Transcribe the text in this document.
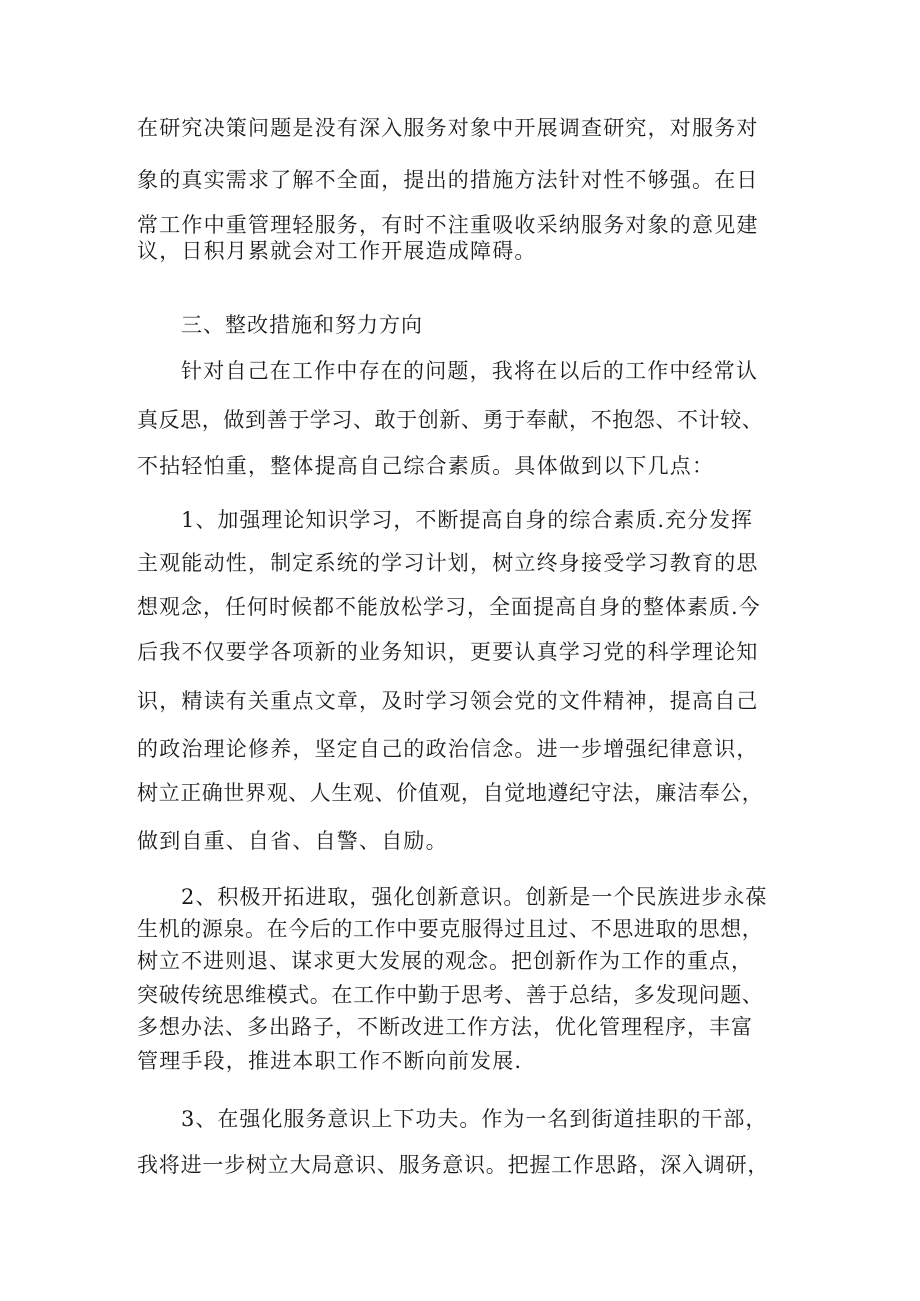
在研究决策问题是没有深入服务对象中开展调查研究，对服务对

象的真实需求了解不全面，提出的措施方法针对性不够强。在日

常工作中重管理轻服务，有时不注重吸收采纳服务对象的意见建

议，日积月累就会对工作开展造成障碍。

三、整改措施和努力方向

针对自己在工作中存在的问题，我将在以后的工作中经常认

真反思，做到善于学习、敢于创新、勇于奉献，不抱怨、不计较、

不拈轻怕重，整体提高自己综合素质。具体做到以下几点：

1、加强理论知识学习，不断提高自身的综合素质.充分发挥

主观能动性，制定系统的学习计划，树立终身接受学习教育的思

想观念，任何时候都不能放松学习，全面提高自身的整体素质.今

后我不仅要学各项新的业务知识，更要认真学习党的科学理论知

识，精读有关重点文章，及时学习领会党的文件精神，提高自己

的政治理论修养，坚定自己的政治信念。进一步增强纪律意识，

树立正确世界观、人生观、价值观，自觉地遵纪守法，廉洁奉公，

做到自重、自省、自警、自励。

2、积极开拓进取，强化创新意识。创新是一个民族进步永葆

生机的源泉。在今后的工作中要克服得过且过、不思进取的思想，

树立不进则退、谋求更大发展的观念。把创新作为工作的重点，

突破传统思维模式。在工作中勤于思考、善于总结，多发现问题、

多想办法、多出路子，不断改进工作方法，优化管理程序，丰富

管理手段，推进本职工作不断向前发展.

3、在强化服务意识上下功夫。作为一名到街道挂职的干部，

我将进一步树立大局意识、服务意识。把握工作思路，深入调研，
